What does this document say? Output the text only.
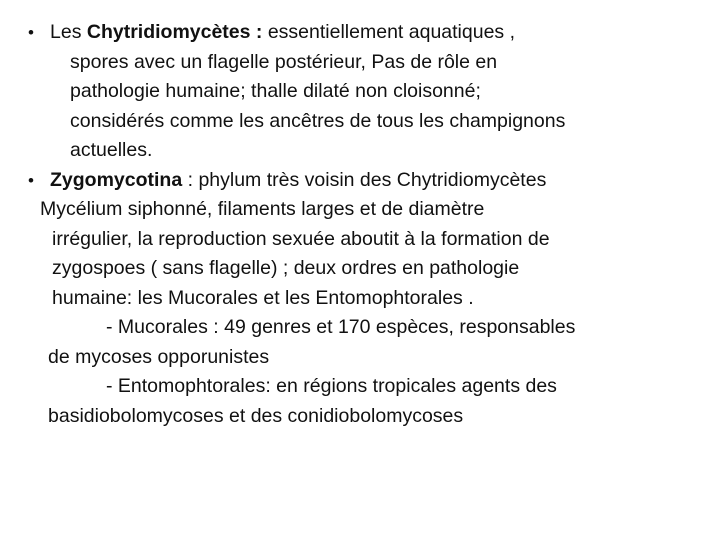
• Les Chytridiomycètes : essentiellement aquatiques ,
spores avec un flagelle postérieur, Pas de rôle en
pathologie humaine; thalle dilaté non cloisonné;
considérés comme les ancêtres de tous les champignons
actuelles.
• Zygomycotina : phylum très voisin des Chytridiomycètes
Mycélium siphonné, filaments larges et de diamètre
irrégulier, la reproduction sexuée aboutit à la formation de
zygospoes ( sans flagelle) ; deux ordres en pathologie
humaine: les Mucorales et les Entomophtorales .
- Mucorales : 49 genres et 170 espèces, responsables
de mycoses opporunistes
- Entomophtorales: en régions tropicales agents des
basidiobolomycoses et des conidiobolomycoses
